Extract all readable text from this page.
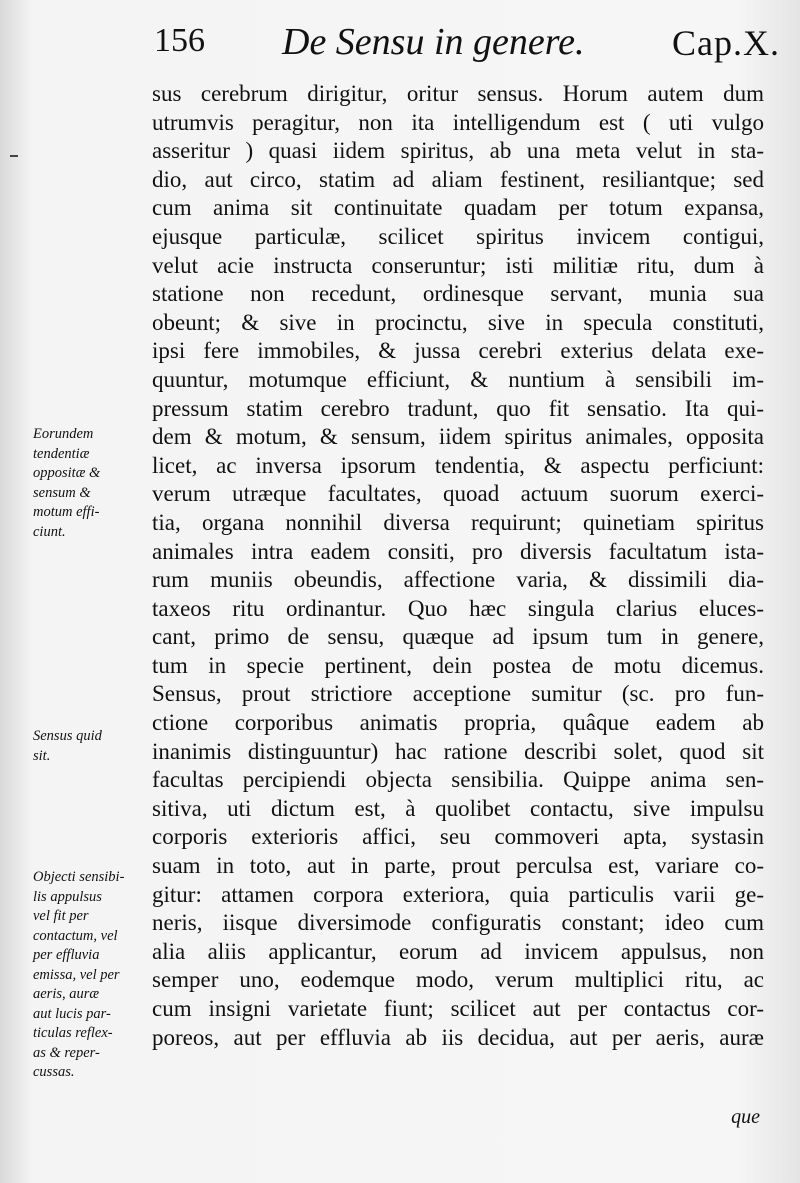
156 De Sensu in genere. Cap.X.
sus cerebrum dirigitur, oritur sensus. Horum autem dum
utrumvis peragitur, non ita intelligendum est ( uti vulgo
asseritur ) quasi iidem spiritus, ab una meta velut in sta-
dio, aut circo, statim ad aliam festinent, resiliantque; sed
cum anima sit continuitate quadam per totum expansa,
ejusque particulæ, scilicet spiritus invicem contigui,
velut acie instructa conseruntur; isti militiæ ritu, dum à
statione non recedunt, ordinesque servant, munia sua
obeunt; & sive in procinctu, sive in specula constituti,
ipsi fere immobiles, & jussa cerebri exterius delata exe-
quuntur, motumque efficiunt, & nuntium à sensibili im-
pressum statim cerebro tradunt, quo fit sensatio. Ita qui-
dem & motum, & sensum, iidem spiritus animales, opposita
licet, ac inversa ipsorum tendentia, & aspectu perficiunt:
verum utræque facultates, quoad actuum suorum exerci-
tia, organa nonnihil diversa requirunt; quinetiam spiritus
animales intra eadem consiti, pro diversis facultatum ista-
rum muniis obeundis, affectione varia, & dissimili dia-
taxeos ritu ordinantur. Quo hæc singula clarius eluces-
cant, primo de sensu, quæque ad ipsum tum in genere,
tum in specie pertinent, dein postea de motu dicemus.
Sensus, prout strictiore acceptione sumitur (sc. pro fun-
ctione corporibus animatis propria, quâque eadem ab
inanimis distinguuntur) hac ratione describi solet, quod sit
facultas percipiendi objecta sensibilia. Quippe anima sen-
sitiva, uti dictum est, à quolibet contactu, sive impulsu
corporis exterioris affici, seu commoveri apta, systasin
suam in toto, aut in parte, prout perculsa est, variare co-
gitur: attamen corpora exteriora, quia particulis varii ge-
neris, iisque diversimode configuratis constant; ideo cum
alia aliis applicantur, eorum ad invicem appulsus, non
semper uno, eodemque modo, verum multiplici ritu, ac
cum insigni varietate fiunt; scilicet aut per contactus cor-
poreos, aut per effluvia ab iis decidua, aut per aeris, auræ
Eorundem
tendentiæ
oppositæ &
sensum &
motum effi-
ciunt.
Sensus quid
sit.
Objecti sensibi-
lis appulsus
vel fit per
contactum, vel
per effluvia
emissa, vel per
aeris, auræ
aut lucis par-
ticulas reflex-
as & reper-
cussas.
que
